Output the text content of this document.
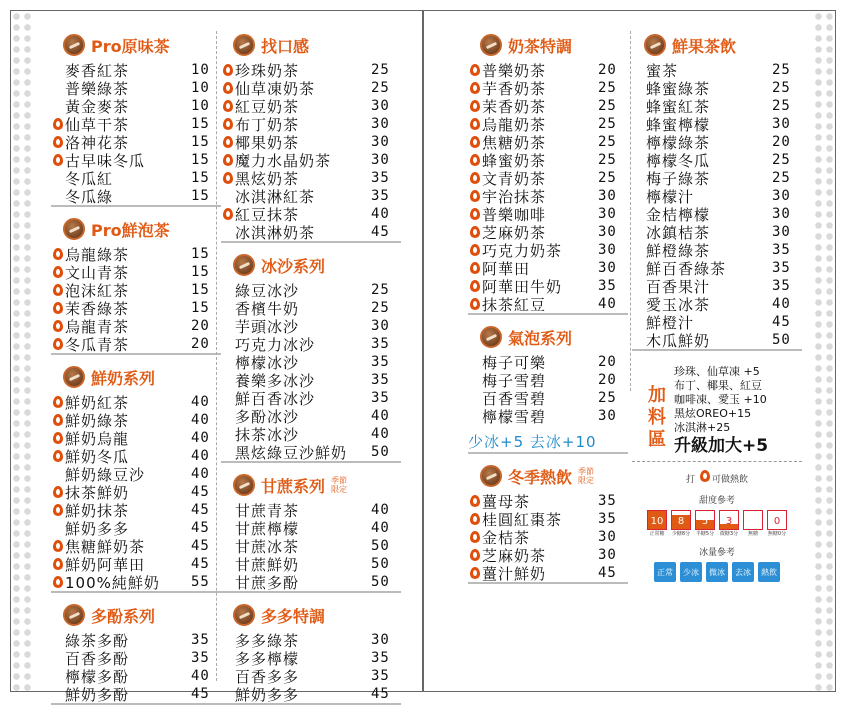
Pro原味茶
麥香紅茶	10
普樂綠茶	10
黃金麥茶	10
仙草干茶	15
洛神花茶	15
古早味冬瓜	15
冬瓜紅	15
冬瓜綠	15
Pro鮮泡茶
烏龍綠茶	15
文山青茶	15
泡沫紅茶	15
茉香綠茶	15
烏龍青茶	20
冬瓜青茶	20
鮮奶系列
鮮奶紅茶	40
鮮奶綠茶	40
鮮奶烏龍	40
鮮奶冬瓜	40
鮮奶綠豆沙	40
抹茶鮮奶	45
鮮奶抹茶	45
鮮奶多多	45
焦糖鮮奶茶	45
鮮奶阿華田	45
100%純鮮奶	55
多酚系列
綠茶多酚	35
百香多酚	35
檸檬多酚	40
鮮奶多酚	45
找口感
珍珠奶茶	25
仙草凍奶茶	25
紅豆奶茶	30
布丁奶茶	30
椰果奶茶	30
魔力水晶奶茶	30
黑炫奶茶	35
冰淇淋紅茶	35
紅豆抹茶	40
冰淇淋奶茶	45
冰沙系列
綠豆冰沙	25
香檳牛奶	25
芋頭冰沙	30
巧克力冰沙	35
檸檬冰沙	35
養樂多冰沙	35
鮮百香冰沙	35
多酚冰沙	40
抹茶冰沙	40
黑炫綠豆沙鮮奶	50
甘蔗系列 季節限定
甘蔗青茶	40
甘蔗檸檬	40
甘蔗冰茶	50
甘蔗鮮奶	50
甘蔗多酚	50
多多特調
多多綠茶	30
多多檸檬	35
百香多多	35
鮮奶多多	45
奶茶特調
普樂奶茶	20
芋香奶茶	25
茉香奶茶	25
烏龍奶茶	25
焦糖奶茶	25
蜂蜜奶茶	25
文青奶茶	25
宇治抹茶	30
普樂咖啡	30
芝麻奶茶	30
巧克力奶茶	30
阿華田	30
阿華田牛奶	35
抹茶紅豆	40
氣泡系列
梅子可樂	20
梅子雪碧	20
百香雪碧	25
檸檬雪碧	30
少冰+5 去冰+10
冬季熱飲 季節限定
薑母茶	35
桂圓紅棗茶	35
金桔茶	30
芝麻奶茶	30
薑汁鮮奶	45
鮮果茶飲
蜜茶	25
蜂蜜綠茶	25
蜂蜜紅茶	25
蜂蜜檸檬	30
檸檬綠茶	20
檸檬冬瓜	25
梅子綠茶	25
檸檬汁	30
金桔檸檬	30
冰鎮桔茶	30
鮮橙綠茶	35
鮮百香綠茶	35
百香果汁	35
愛玉冰茶	40
鮮橙汁	45
木瓜鮮奶	50
加料區
珍珠、仙草凍 +5
布丁、椰果、紅豆
咖啡凍、愛玉 +10
黑炫OREO+15
冰淇淋+25
升級加大+5
打 可做熱飲
甜度參考
10	8	5	3	0
正常糖	少糖8分 半糖5分 微糖3分	無糖	無糖0分
冰量參考
正常	少冰	微冰	去冰	熱飲
